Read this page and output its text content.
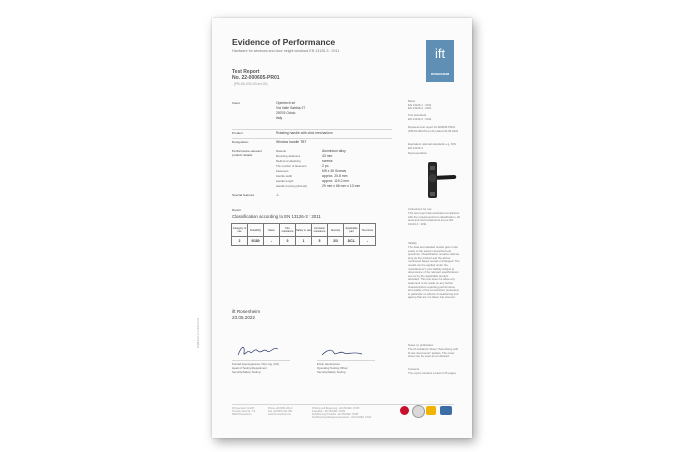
Evidence of Performance
Hardware for windows and door height windows EN 13126-3 : 2011
Test Report
No. 22-000605-PR01
(PB-K6-000-03-en-02)
ift
ROSENHEIM
Client	Opentech srl
Via Valle Sabbia 27
25076 Odolo
Italy
Product	Rotating handle with click mechanism
Designation	Window handle TBT
Performance-relevant product details
Material	Aluminium alloy
Mounting distances	43 mm
Method of attaching	screws
The number of fasteners	2 pc.
Fasteners	M5 x 45 Screws
Handle width	approx. 20.8 mm
Handle length	approx. 119.2 mm
Handle housing (WxLxH)	29 mm x 66 mm x 13 mm
Special features	-/-
Result
Classification according to EN 13126-3 : 2011
Category of use	Durability	Mass	Fire resistance	Safety in use	Corrosion resistance	Security	Applicable part	Test sizes
2	0/180	-	0	1	5	2/3	3/C1-	-
ift Rosenheim
23.05.2022
Konrad Quenngassner, Dipl.-Ing. (FH)
Head of Testing Department
Security/Safety Testing
Erwin Hemkoutner
Operating Testing Officer
Security/Safety Testing
Basis
EN 13126-1 : 2011
EN 13126-3 : 2011
Test standards
EN 13126-3 : 2011
Replaces test report 22-000605-PR01 (PB-K6-000-03-en-01) dated 02.05.2022
Equivalent national standards e.g. DIN EN 13126-3
Representation
Instructions for use
This test report demonstrates compliance with the requirements for classification. All tests and test fundaments as per EN 13126-3 : 2011
Validity
The data and detailed results given refer solely to the tested / described test specimen. Classification remains valid as long as the product and the above mentioned bases remain unchanged. The results can be applied under the manufacturer's own liability subject to observance of the relevant specifications set out by the applicable product standard. This test does not allow any statement to be made on any further characteristics regarding performance and quality of the construction presented, in particular on effects of weathering and ageing that are not taken into account.
Notes on publication
The ift-Guidance Sheet "Advertising with ift test documents" applies. The cover sheet can be used as an abstract.
Contents
The report contains a total of 25 pages
ift Rosenheim GmbH
Theodor-Gietl-Str. 7-9
83026 Rosenheim
Phone +49 8031 261-0
Fax +49 8031 261-290
www.ift-rosenheim.de
Prüfung und Bewertung - EN ISO/IEC 17025
Inspektion - EN ISO/IEC 17020
Zertifizierung Produkte - EN ISO/IEC 17065
Zertifizierung Managementsysteme - EN ISO/IEC 17021
ift QM-Form V1.0 2015-07-02
